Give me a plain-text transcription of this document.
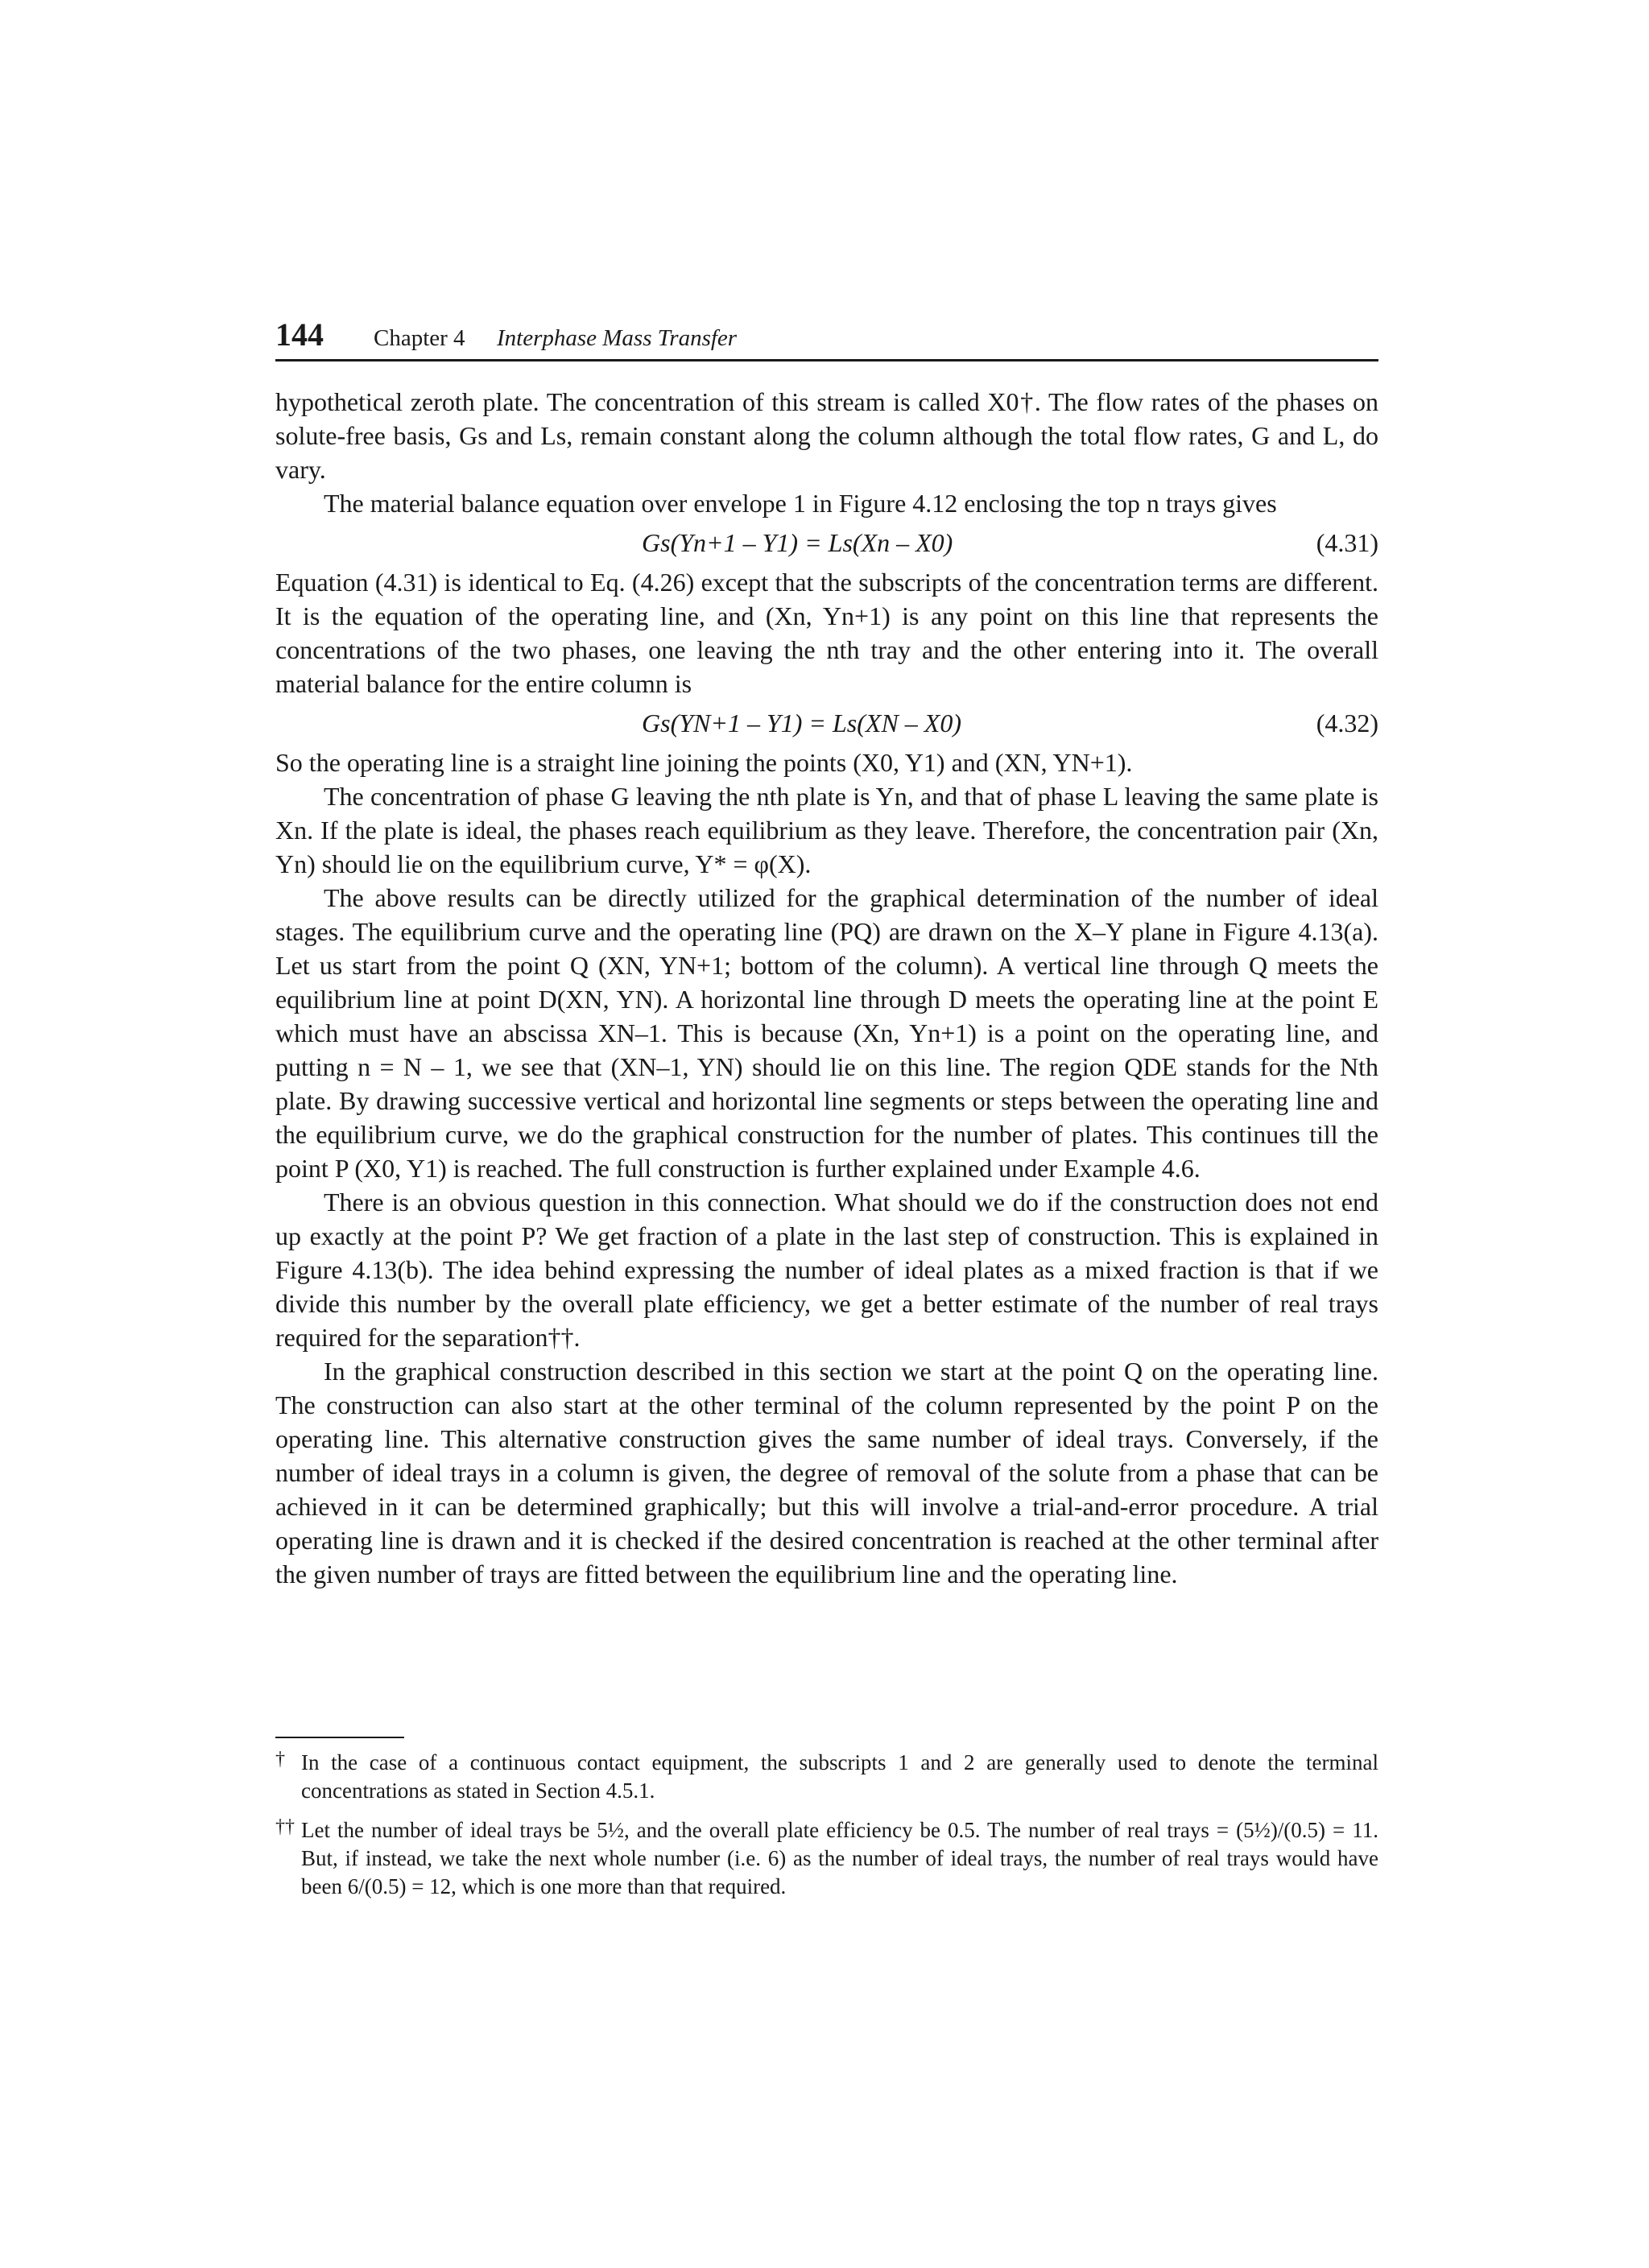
144 Chapter 4 Interphase Mass Transfer

hypothetical zeroth plate. The concentration of this stream is called X0†. The flow rates of the phases on solute-free basis, Gs and Ls, remain constant along the column although the total flow rates, G and L, do vary.

The material balance equation over envelope 1 in Figure 4.12 enclosing the top n trays gives

Gs(Yn+1 – Y1) = Ls(Xn – X0)	(4.31)

Equation (4.31) is identical to Eq. (4.26) except that the subscripts of the concentration terms are different. It is the equation of the operating line, and (Xn, Yn+1) is any point on this line that represents the concentrations of the two phases, one leaving the nth tray and the other entering into it. The overall material balance for the entire column is

Gs(YN+1 – Y1) = Ls(XN – X0)	(4.32)

So the operating line is a straight line joining the points (X0, Y1) and (XN, YN+1).

The concentration of phase G leaving the nth plate is Yn, and that of phase L leaving the same plate is Xn. If the plate is ideal, the phases reach equilibrium as they leave. Therefore, the concentration pair (Xn, Yn) should lie on the equilibrium curve, Y* = φ(X).

The above results can be directly utilized for the graphical determination of the number of ideal stages. The equilibrium curve and the operating line (PQ) are drawn on the X–Y plane in Figure 4.13(a). Let us start from the point Q (XN, YN+1; bottom of the column). A vertical line through Q meets the equilibrium line at point D(XN, YN). A horizontal line through D meets the operating line at the point E which must have an abscissa XN–1. This is because (Xn, Yn+1) is a point on the operating line, and putting n = N – 1, we see that (XN–1, YN) should lie on this line. The region QDE stands for the Nth plate. By drawing successive vertical and horizontal line segments or steps between the operating line and the equilibrium curve, we do the graphical construction for the number of plates. This continues till the point P (X0, Y1) is reached. The full construction is further explained under Example 4.6.

There is an obvious question in this connection. What should we do if the construction does not end up exactly at the point P? We get fraction of a plate in the last step of construction. This is explained in Figure 4.13(b). The idea behind expressing the number of ideal plates as a mixed fraction is that if we divide this number by the overall plate efficiency, we get a better estimate of the number of real trays required for the separation††.

In the graphical construction described in this section we start at the point Q on the operating line. The construction can also start at the other terminal of the column represented by the point P on the operating line. This alternative construction gives the same number of ideal trays. Conversely, if the number of ideal trays in a column is given, the degree of removal of the solute from a phase that can be achieved in it can be determined graphically; but this will involve a trial-and-error procedure. A trial operating line is drawn and it is checked if the desired concentration is reached at the other terminal after the given number of trays are fitted between the equilibrium line and the operating line.

† In the case of a continuous contact equipment, the subscripts 1 and 2 are generally used to denote the terminal concentrations as stated in Section 4.5.1.
†† Let the number of ideal trays be 5½, and the overall plate efficiency be 0.5. The number of real trays = (5½)/(0.5) = 11. But, if instead, we take the next whole number (i.e. 6) as the number of ideal trays, the number of real trays would have been 6/(0.5) = 12, which is one more than that required.
